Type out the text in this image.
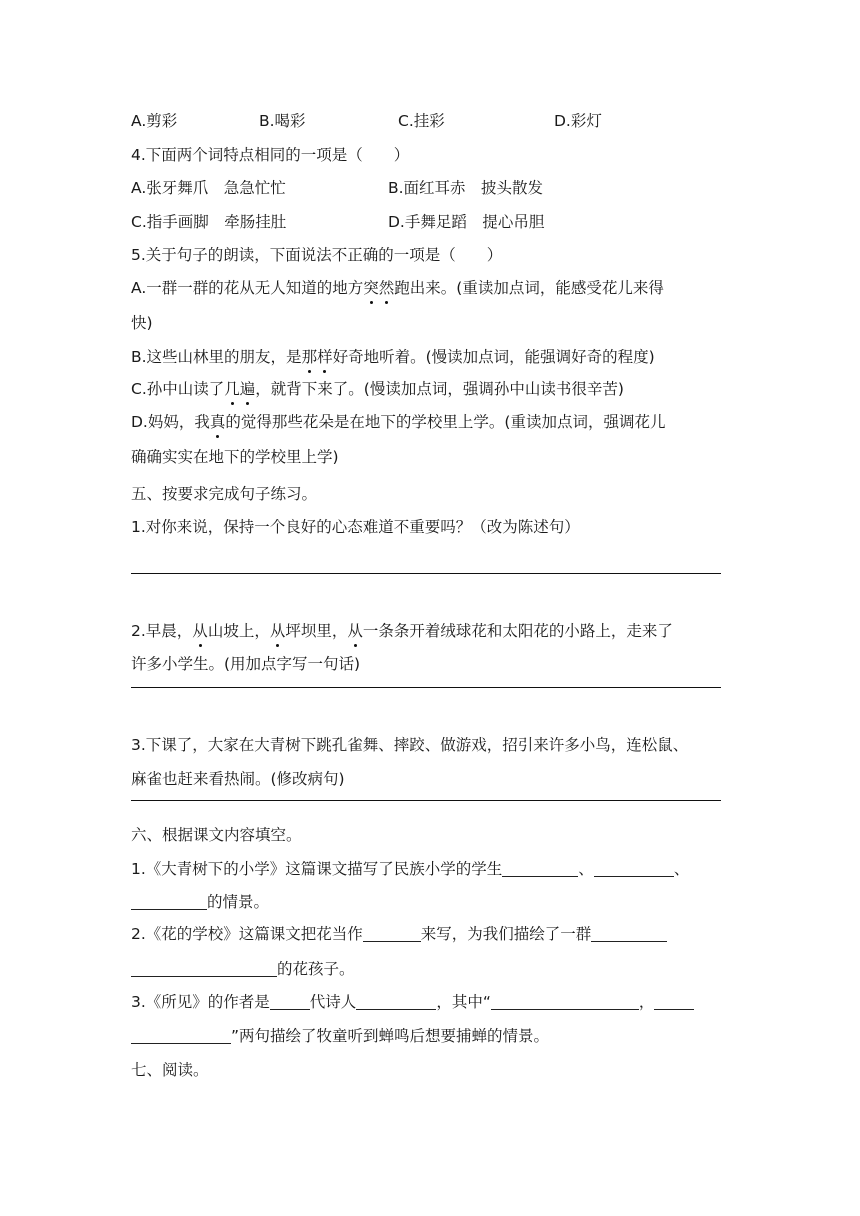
A.剪彩	B.喝彩	C.挂彩	D.彩灯
4.下面两个词特点相同的一项是（　　）
A.张牙舞爪　急急忙忙	B.面红耳赤　披头散发
C.指手画脚　牵肠挂肚	D.手舞足蹈　提心吊胆
5.关于句子的朗读，下面说法不正确的一项是（　　）
A.一群一群的花从无人知道的地方突然跑出来。(重读加点词，能感受花儿来得
快)
B.这些山林里的朋友，是那样好奇地听着。(慢读加点词，能强调好奇的程度)
C.孙中山读了几遍，就背下来了。(慢读加点词，强调孙中山读书很辛苦)
D.妈妈，我真的觉得那些花朵是在地下的学校里上学。(重读加点词，强调花儿
确确实实在地下的学校里上学)
五、按要求完成句子练习。
1.对你来说，保持一个良好的心态难道不重要吗？（改为陈述句）
2.早晨，从山坡上，从坪坝里，从一条条开着绒球花和太阳花的小路上，走来了
许多小学生。(用加点字写一句话)
3.下课了，大家在大青树下跳孔雀舞、摔跤、做游戏，招引来许多小鸟，连松鼠、
麻雀也赶来看热闹。(修改病句)
六、根据课文内容填空。
1.《大青树下的小学》这篇课文描写了民族小学的学生	、	、
的情景。
2.《花的学校》这篇课文把花当作	来写，为我们描绘了一群
的花孩子。
3.《所见》的作者是	代诗人	，其中“	，
”两句描绘了牧童听到蝉鸣后想要捕蝉的情景。
七、阅读。
